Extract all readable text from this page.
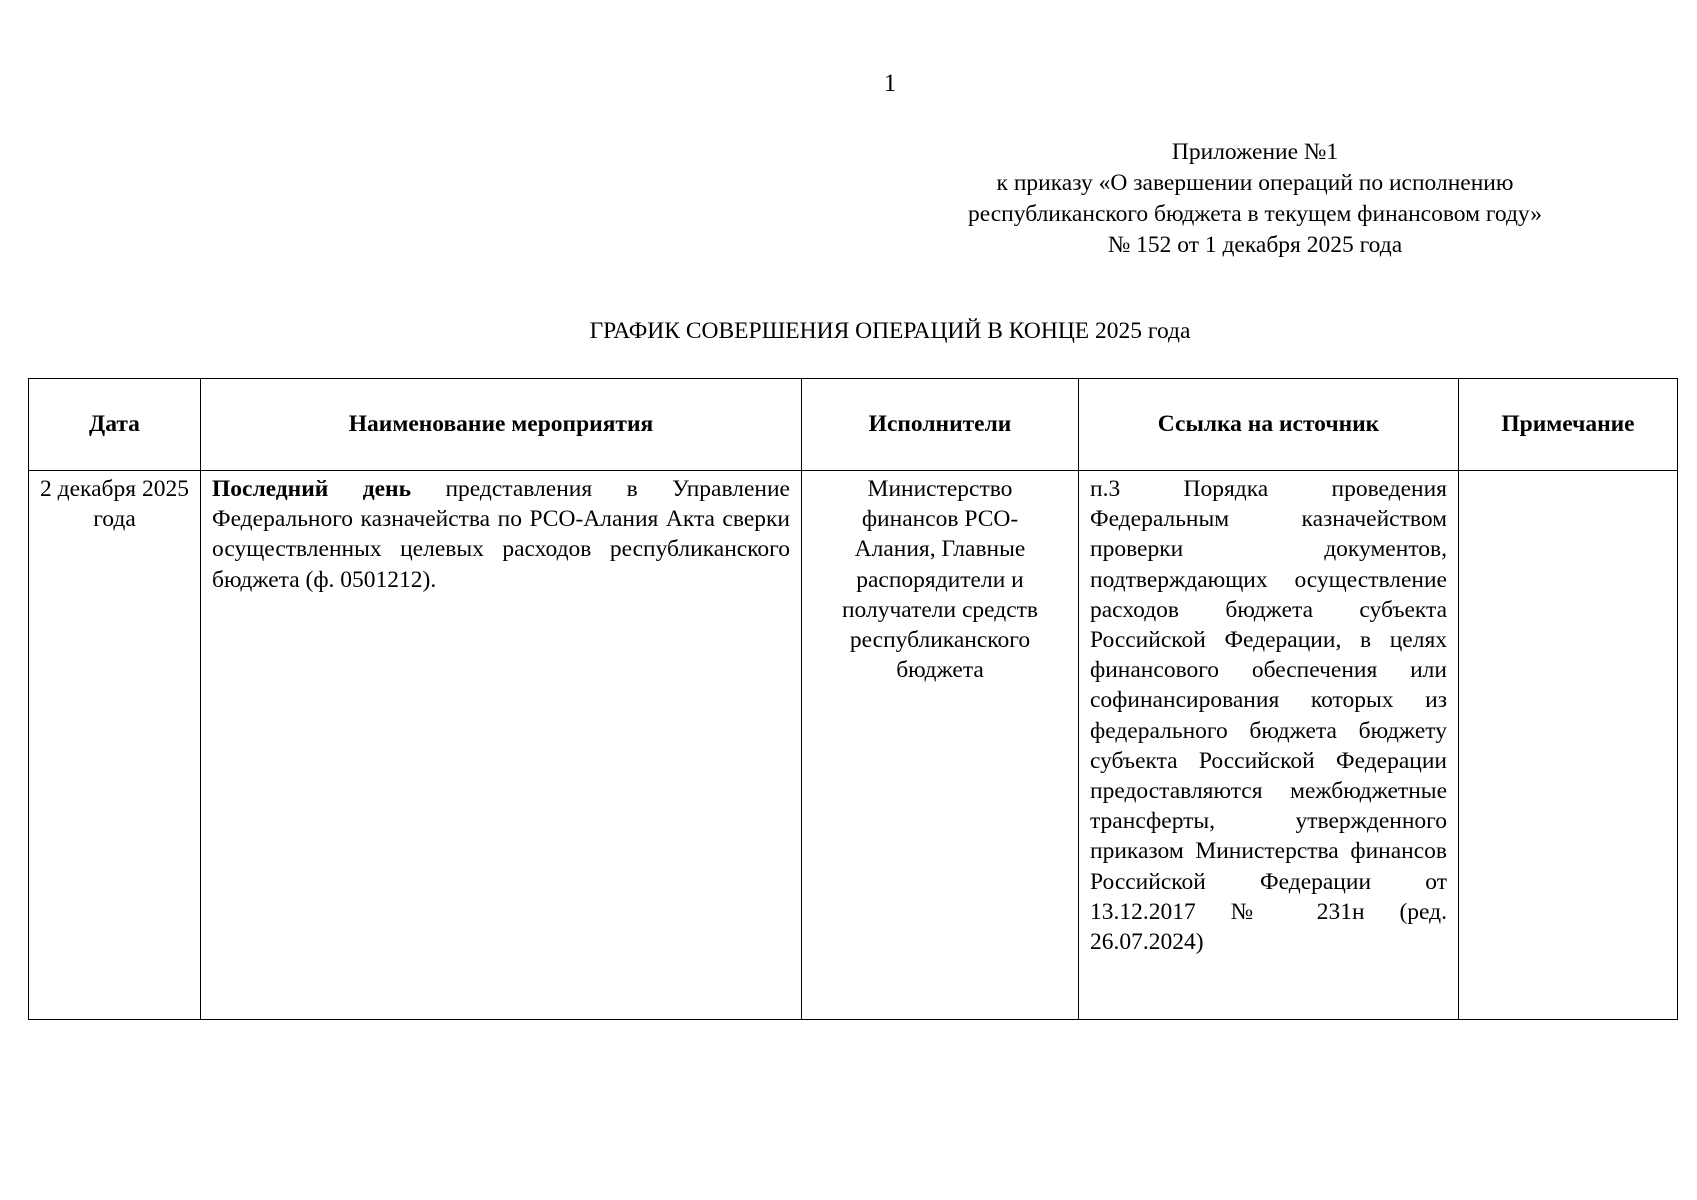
1
Приложение №1
к приказу «О завершении операций по исполнению
республиканского бюджета в текущем финансовом году»
№ 152 от 1 декабря 2025 года
ГРАФИК СОВЕРШЕНИЯ ОПЕРАЦИЙ В КОНЦЕ 2025 года
Дата	Наименование мероприятия	Исполнители	Ссылка на источник	Примечание
2 декабря 2025 года	Последний день представления в Управление Федерального казначейства по РСО-Алания Акта сверки осуществленных целевых расходов республиканского бюджета (ф. 0501212).	Министерство финансов РСО-Алания, Главные распорядители и получатели средств республиканского бюджета	п.3 Порядка проведения Федеральным казначейством проверки документов, подтверждающих осуществление расходов бюджета субъекта Российской Федерации, в целях финансового обеспечения или софинансирования которых из федерального бюджета бюджету субъекта Российской Федерации предоставляются межбюджетные трансферты, утвержденного приказом Министерства финансов Российской Федерации от 13.12.2017 № 231н (ред. 26.07.2024)	
